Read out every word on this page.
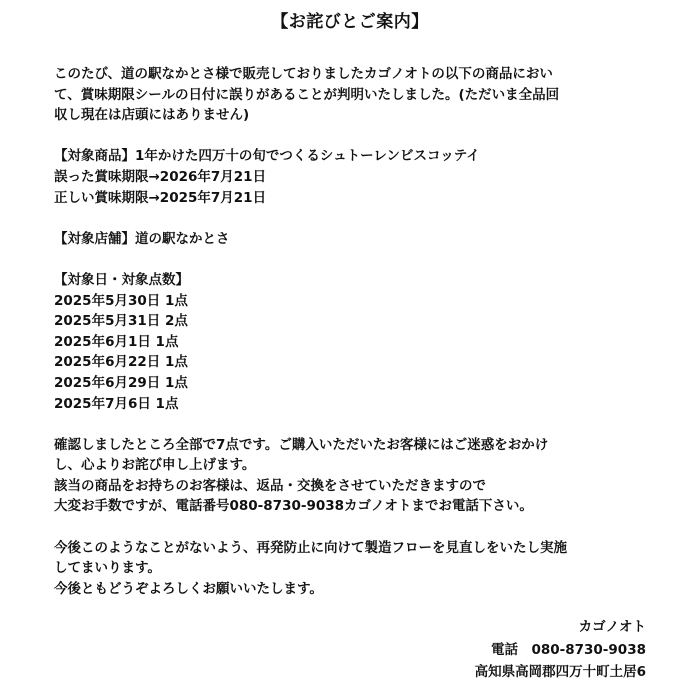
【お詫びとご案内】
このたび、道の駅なかとさ様で販売しておりましたカゴノオトの以下の商品におい
て、賞味期限シールの日付に誤りがあることが判明いたしました。(ただいま全品回
収し現在は店頭にはありません)
【対象商品】1年かけた四万十の旬でつくるシュトーレンビスコッテイ
誤った賞味期限→2026年7月21日
正しい賞味期限→2025年7月21日
【対象店舗】道の駅なかとさ
【対象日・対象点数】
2025年5月30日 1点
2025年5月31日 2点
2025年6月1日 1点
2025年6月22日 1点
2025年6月29日 1点
2025年7月6日 1点
確認しましたところ全部で7点です。ご購入いただいたお客様にはご迷惑をおかけ
し、心よりお詫び申し上げます。
該当の商品をお持ちのお客様は、返品・交換をさせていただきますので
大変お手数ですが、電話番号080-8730-9038カゴノオトまでお電話下さい。
今後このようなことがないよう、再発防止に向けて製造フローを見直しをいたし実施
してまいります。
今後ともどうぞよろしくお願いいたします。
カゴノオト
電話　080-8730-9038
高知県高岡郡四万十町土居6
